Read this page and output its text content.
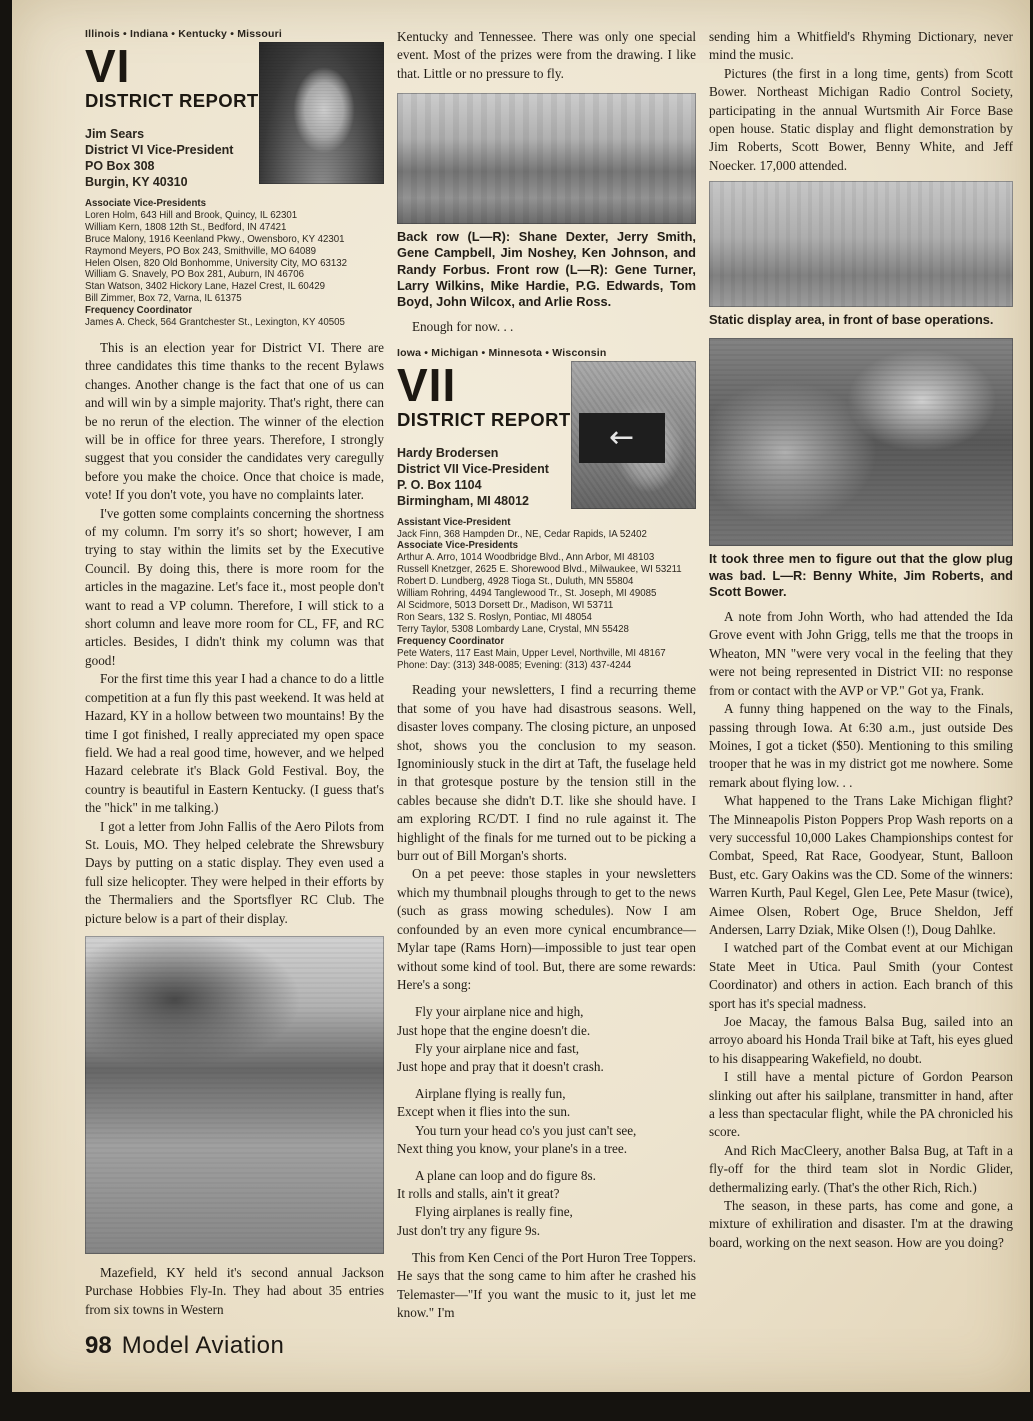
Illinois • Indiana • Kentucky • Missouri
VI
DISTRICT REPORT
Jim Sears
District VI Vice-President
PO Box 308
Burgin, KY 40310
Associate Vice-Presidents
Loren Holm, 643 Hill and Brook, Quincy, IL 62301
William Kern, 1808 12th St., Bedford, IN 47421
Bruce Malony, 1916 Keenland Pkwy., Owensboro, KY 42301
Raymond Meyers, PO Box 243, Smithville, MO 64089
Helen Olsen, 820 Old Bonhomme, University City, MO 63132
William G. Snavely, PO Box 281, Auburn, IN 46706
Stan Watson, 3402 Hickory Lane, Hazel Crest, IL 60429
Bill Zimmer, Box 72, Varna, IL 61375
Frequency Coordinator
James A. Check, 564 Grantchester St., Lexington, KY 40505

This is an election year for District VI. There are three candidates this time thanks to the recent Bylaws changes. Another change is the fact that one of us can and will win by a simple majority. That's right, there can be no rerun of the election. The winner of the election will be in office for three years. Therefore, I strongly suggest that you consider the candidates very caregully before you make the choice. Once that choice is made, vote! If you don't vote, you have no complaints later.

I've gotten some complaints concerning the shortness of my column. I'm sorry it's so short; however, I am trying to stay within the limits set by the Executive Council. By doing this, there is more room for the articles in the magazine. Let's face it., most people don't want to read a VP column. Therefore, I will stick to a short column and leave more room for CL, FF, and RC articles. Besides, I didn't think my column was that good!

For the first time this year I had a chance to do a little competition at a fun fly this past weekend. It was held at Hazard, KY in a hollow between two mountains! By the time I got finished, I really appreciated my open space field. We had a real good time, however, and we helped Hazard celebrate it's Black Gold Festival. Boy, the country is beautiful in Eastern Kentucky. (I guess that's the "hick" in me talking.)

I got a letter from John Fallis of the Aero Pilots from St. Louis, MO. They helped celebrate the Shrewsbury Days by putting on a static display. They even used a full size helicopter. They were helped in their efforts by the Thermaliers and the Sportsflyer RC Club. The picture below is a part of their display.

Mazefield, KY held it's second annual Jackson Purchase Hobbies Fly-In. They had about 35 entries from six towns in Western

Kentucky and Tennessee. There was only one special event. Most of the prizes were from the drawing. I like that. Little or no pressure to fly.

Back row (L—R): Shane Dexter, Jerry Smith, Gene Campbell, Jim Noshey, Ken Johnson, and Randy Forbus. Front row (L—R): Gene Turner, Larry Wilkins, Mike Hardie, P.G. Edwards, Tom Boyd, John Wilcox, and Arlie Ross.

Enough for now. . .

Iowa • Michigan • Minnesota • Wisconsin
VII
DISTRICT REPORT
Hardy Brodersen
District VII Vice-President
P. O. Box 1104
Birmingham, MI 48012
←
Assistant Vice-President
Jack Finn, 368 Hampden Dr., NE, Cedar Rapids, IA 52402
Associate Vice-Presidents
Arthur A. Arro, 1014 Woodbridge Blvd., Ann Arbor, MI 48103
Russell Knetzger, 2625 E. Shorewood Blvd., Milwaukee, WI 53211
Robert D. Lundberg, 4928 Tioga St., Duluth, MN 55804
William Rohring, 4494 Tanglewood Tr., St. Joseph, MI 49085
Al Scidmore, 5013 Dorsett Dr., Madison, WI 53711
Ron Sears, 132 S. Roslyn, Pontiac, MI 48054
Terry Taylor, 5308 Lombardy Lane, Crystal, MN 55428
Frequency Coordinator
Pete Waters, 117 East Main, Upper Level, Northville, MI 48167
Phone: Day: (313) 348-0085; Evening: (313) 437-4244

Reading your newsletters, I find a recurring theme that some of you have had disastrous seasons. Well, disaster loves company. The closing picture, an unposed shot, shows you the conclusion to my season. Ignominiously stuck in the dirt at Taft, the fuselage held in that grotesque posture by the tension still in the cables because she didn't D.T. like she should have. I am exploring RC/DT. I find no rule against it. The highlight of the finals for me turned out to be picking a burr out of Bill Morgan's shorts.

On a pet peeve: those staples in your newsletters which my thumbnail ploughs through to get to the news (such as grass mowing schedules). Now I am confounded by an even more cynical encumbrance—Mylar tape (Rams Horn)—impossible to just tear open without some kind of tool. But, there are some rewards: Here's a song:

Fly your airplane nice and high,
Just hope that the engine doesn't die.
Fly your airplane nice and fast,
Just hope and pray that it doesn't crash.
Airplane flying is really fun,
Except when it flies into the sun.
You turn your head co's you just can't see,
Next thing you know, your plane's in a tree.
A plane can loop and do figure 8s.
It rolls and stalls, ain't it great?
Flying airplanes is really fine,
Just don't try any figure 9s.

This from Ken Cenci of the Port Huron Tree Toppers. He says that the song came to him after he crashed his Telemaster—"If you want the music to it, just let me know." I'm

sending him a Whitfield's Rhyming Dictionary, never mind the music.

Pictures (the first in a long time, gents) from Scott Bower. Northeast Michigan Radio Control Society, participating in the annual Wurtsmith Air Force Base open house. Static display and flight demonstration by Jim Roberts, Scott Bower, Benny White, and Jeff Noecker. 17,000 attended.

Static display area, in front of base operations.
It took three men to figure out that the glow plug was bad. L—R: Benny White, Jim Roberts, and Scott Bower.

A note from John Worth, who had attended the Ida Grove event with John Grigg, tells me that the troops in Wheaton, MN "were very vocal in the feeling that they were not being represented in District VII: no response from or contact with the AVP or VP." Got ya, Frank.

A funny thing happened on the way to the Finals, passing through Iowa. At 6:30 a.m., just outside Des Moines, I got a ticket ($50). Mentioning to this smiling trooper that he was in my district got me nowhere. Some remark about flying low. . .

What happened to the Trans Lake Michigan flight? The Minneapolis Piston Poppers Prop Wash reports on a very successful 10,000 Lakes Championships contest for Combat, Speed, Rat Race, Goodyear, Stunt, Balloon Bust, etc. Gary Oakins was the CD. Some of the winners: Warren Kurth, Paul Kegel, Glen Lee, Pete Masur (twice), Aimee Olsen, Robert Oge, Bruce Sheldon, Jeff Andersen, Larry Dziak, Mike Olsen (!), Doug Dahlke.

I watched part of the Combat event at our Michigan State Meet in Utica. Paul Smith (your Contest Coordinator) and others in action. Each branch of this sport has it's special madness.

Joe Macay, the famous Balsa Bug, sailed into an arroyo aboard his Honda Trail bike at Taft, his eyes glued to his disappearing Wakefield, no doubt.

I still have a mental picture of Gordon Pearson slinking out after his sailplane, transmitter in hand, after a less than spectacular flight, while the PA chronicled his score.

And Rich MacCleery, another Balsa Bug, at Taft in a fly-off for the third team slot in Nordic Glider, dethermalizing early. (That's the other Rich, Rich.)

The season, in these parts, has come and gone, a mixture of exhiliration and disaster. I'm at the drawing board, working on the next season. How are you doing?

98 Model Aviation
